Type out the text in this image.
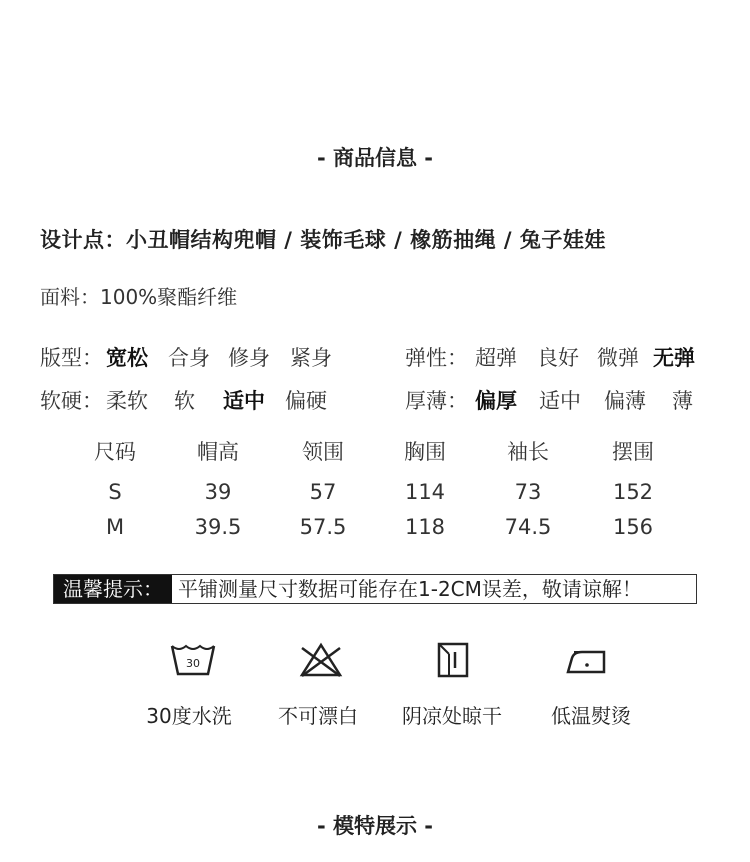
- 商品信息 -
设计点：小丑帽结构兜帽 / 装饰毛球 / 橡筋抽绳 / 兔子娃娃
面料：100%聚酯纤维
版型： 宽松 合身 修身 紧身	弹性： 超弹 良好 微弹 无弹
软硬： 柔软 软 适中 偏硬	厚薄： 偏厚 适中 偏薄 薄
尺码	帽高	领围	胸围	袖长	摆围
S	39	57	114	73	152
M	39.5	57.5	118	74.5	156
温馨提示： 平铺测量尺寸数据可能存在1-2CM误差，敬请谅解！
30
30度水洗	不可漂白	阴凉处晾干	低温熨烫
- 模特展示 -
